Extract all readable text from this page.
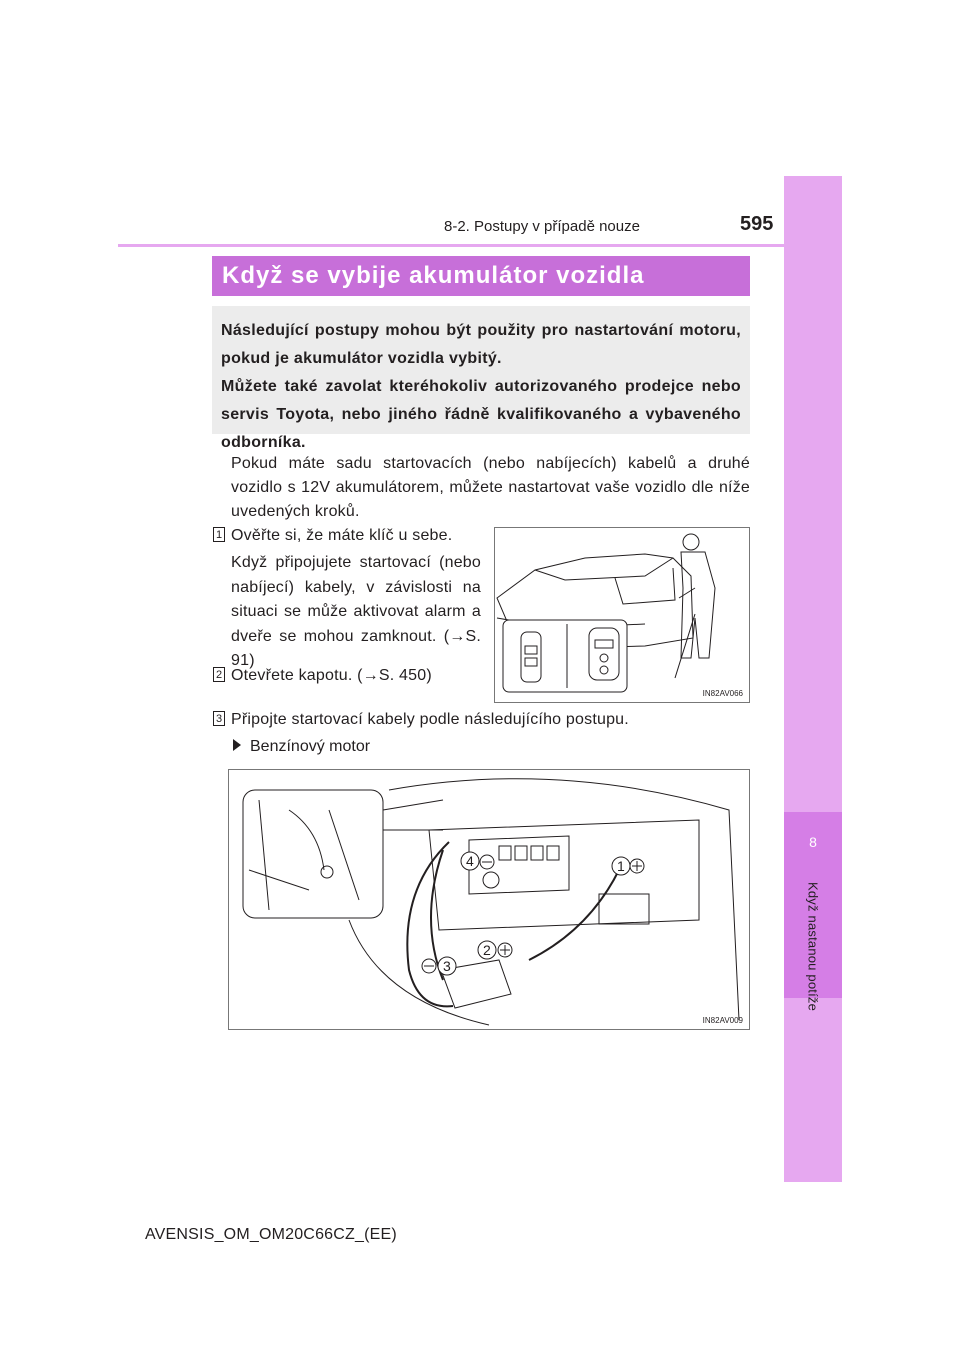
8
Když nastanou potíže
8-2. Postupy v případě nouze	595
Když se vybije akumulátor vozidla

Následující postupy mohou být použity pro nastartování motoru, pokud je akumulátor vozidla vybitý.

Můžete také zavolat kteréhokoliv autorizovaného prodejce nebo servis Toyota, nebo jiného řádně kvalifikovaného a vybaveného odborníka.

Pokud máte sadu startovacích (nebo nabíjecích) kabelů a druhé vozidlo s 12V akumulátorem, můžete nastartovat vaše vozidlo dle níže uvedených kroků.
1 Ověřte si, že máte klíč u sebe.
Když připojujete startovací (nebo nabíjecí) kabely, v závislosti na situaci se může aktivovat alarm a dveře se mohou zamknout. (→S. 91)
2 Otevřete kapotu. (→S. 450)
3 Připojte startovací kabely podle následujícího postupu.
Benzínový motor
IN82AV066
4	1
2
3
IN82AV009
AVENSIS_OM_OM20C66CZ_(EE)
